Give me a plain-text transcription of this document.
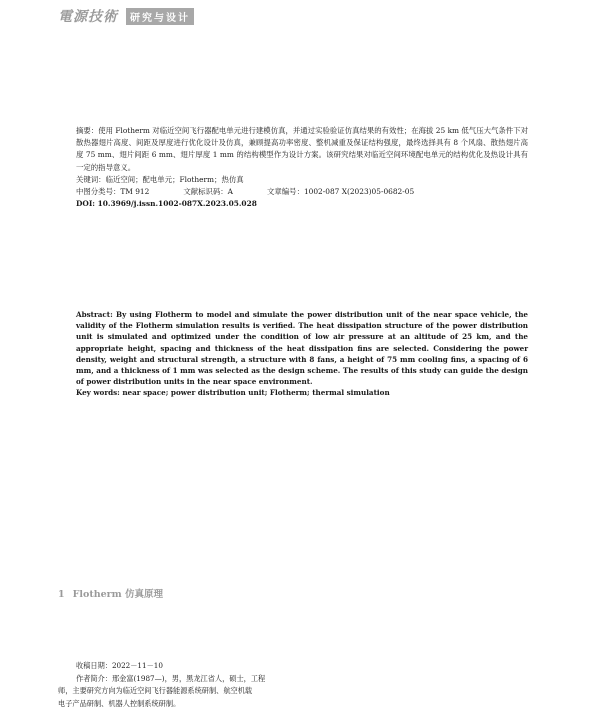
電源技術	研究与设计

摘要：使用 Flotherm 对临近空间飞行器配电单元进行建模仿真，并通过实验验证仿真结果的有效性；在海拔 25 km 低气压大气条件下对散热器翅片高度、间距及厚度进行优化设计及仿真，兼顾提高功率密度、整机减重及保证结构强度，最终选择具有 8 个风扇、散热翅片高度 75 mm、翅片间距 6 mm、翅片厚度 1 mm 的结构模型作为设计方案。该研究结果对临近空间环境配电单元的结构优化及热设计具有一定的指导意义。

关键词：临近空间；配电单元；Flotherm；热仿真

中图分类号：TM 912	文献标识码：A	文章编号：1002-087 X(2023)05-0682-05

DOI: 10.3969/j.issn.1002-087X.2023.05.028

Abstract: By using Flotherm to model and simulate the power distribution unit of the near space vehicle, the validity of the Flotherm simulation results is verified. The heat dissipation structure of the power distribution unit is simulated and optimized under the condition of low air pressure at an altitude of 25 km, and the appropriate height, spacing and thickness of the heat dissipation fins are selected. Considering the power density, weight and structural strength, a structure with 8 fans, a height of 75 mm cooling fins, a spacing of 6 mm, and a thickness of 1 mm was selected as the design scheme. The results of this study can guide the design of power distribution units in the near space environment.

Key words: near space; power distribution unit; Flotherm; thermal simulation

1 Flotherm 仿真原理

收稿日期：2022－11－10

作者简介：邢金富(1987—)，男，黑龙江省人，硕士，工程

师，主要研究方向为临近空间飞行器能源系统研制、航空机载

电子产品研制、机器人控制系统研制。
